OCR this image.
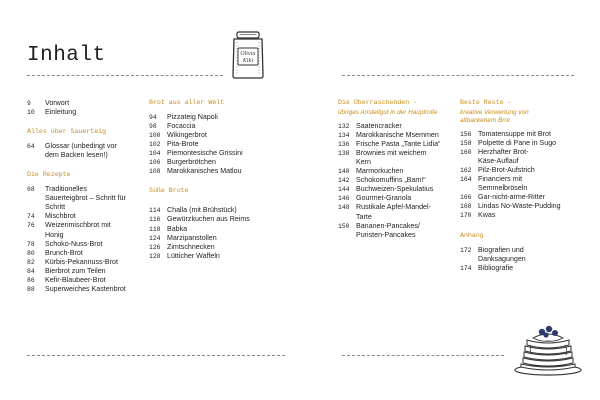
Inhalt	Olivia
Kiki
9	Vorwort
10	Einleitung
Alles über Sauerteig
64	Glossar (unbedingt vor dem Backen lesen!)
Die Rezepte
68	Traditionelles Sauerteigbrot – Schritt für Schritt
74	Mischbrot
76	Weizenmischbrot mit Honig
78	Schoko-Nuss-Brot
80	Brunch-Brot
82	Kürbis-Pekannuss-Brot
84	Bierbrot zum Teilen
86	Kefir-Blaubeer-Brot
88	Superweiches Kastenbrot
Brot aus aller Welt
94	Pizzateig Napoli
98	Focaccia
100 Wikingerbrot
102 Pita-Brote
104 Piemontesische Grissini
106 Burgerbrötchen
108 Marokkanisches Matlou
Süße Brote
114 Challa (mit Brühstück)
116 Gewürzkuchen aus Reims
118 Babka
124 Marzipanstollen
126 Zimtschnecken
128 Lütticher Waffeln
Die Überraschenden -
übriges Anstellgut in der Hauptrolle
132 Saatencracker
134 Marokkanische Msemmen
136 Frische Pasta „Tante Lidia“
138 Brownies mit weichem Kern
140 Marmorkuchen
142 Schokomuffins „Bam!“
144 Buchweizen-Spekulatius
146 Gourmet-Granola
148 Rustikale Apfel-Mandel-Tarte
150 Bananen-Pancakes/ Puristen-Pancakes
Beste Reste -
kreative Verwertung von altbackenem Brot
156 Tomatensuppe mit Brot
158 Polpette di Pane in Sugo
160 Herzhafter Brot-Käse-Auflauf
162 Pilz-Brot-Aufstrich
164 Financiers mit Semmelbröseln
166 Gar-nicht-arme-Ritter
168 Lindas No-Waste-Pudding
170 Kwas
Anhang
172 Biografien und Danksagungen
174 Bibliografie
